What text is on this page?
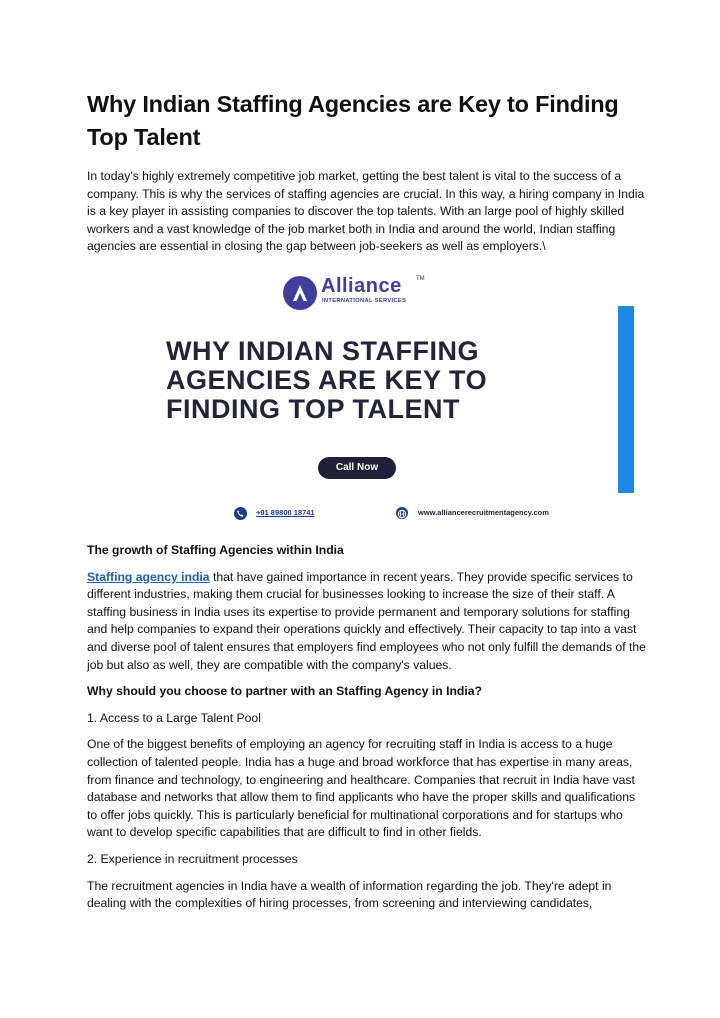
Why Indian Staffing Agencies are Key to Finding Top Talent

In today's highly extremely competitive job market, getting the best talent is vital to the success of a company. This is why the services of staffing agencies are crucial. In this way, a hiring company in India is a key player in assisting companies to discover the top talents. With an large pool of highly skilled workers and a vast knowledge of the job market both in India and around the world, Indian staffing agencies are essential in closing the gap between job-seekers as well as employers.\

Alliance TM
INTERNATIONAL SERVICES
WHY INDIAN STAFFING
AGENCIES ARE KEY TO
FINDING TOP TALENT
Call Now
+91 89800 18741	www.alliancerecruitmentagency.com
The growth of Staffing Agencies within India

Staffing agency india that have gained importance in recent years. They provide specific services to different industries, making them crucial for businesses looking to increase the size of their staff. A staffing business in India uses its expertise to provide permanent and temporary solutions for staffing and help companies to expand their operations quickly and effectively. Their capacity to tap into a vast and diverse pool of talent ensures that employers find employees who not only fulfill the demands of the job but also as well, they are compatible with the company's values.

Why should you choose to partner with an Staffing Agency in India?
1. Access to a Large Talent Pool

One of the biggest benefits of employing an agency for recruiting staff in India is access to a huge collection of talented people. India has a huge and broad workforce that has expertise in many areas, from finance and technology, to engineering and healthcare. Companies that recruit in India have vast database and networks that allow them to find applicants who have the proper skills and qualifications to offer jobs quickly. This is particularly beneficial for multinational corporations and for startups who want to develop specific capabilities that are difficult to find in other fields.

2. Experience in recruitment processes

The recruitment agencies in India have a wealth of information regarding the job. They're adept in dealing with the complexities of hiring processes, from screening and interviewing candidates,
